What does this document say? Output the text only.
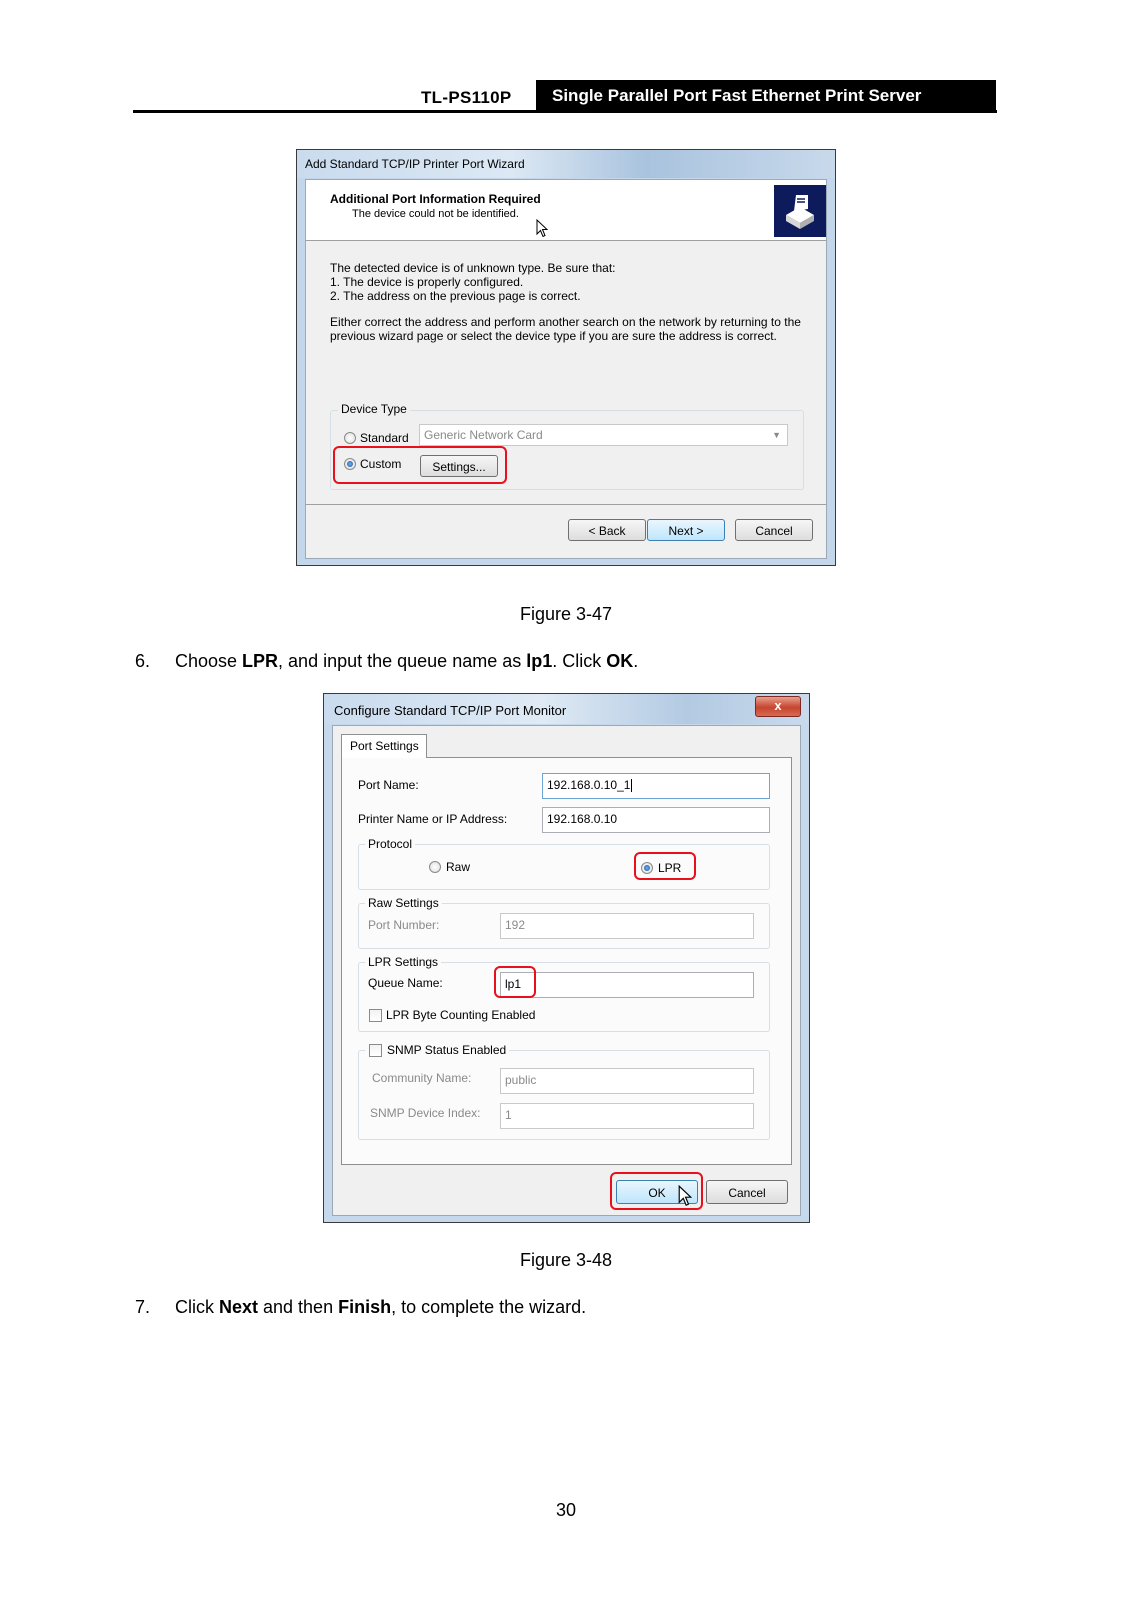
TL-PS110P	Single Parallel Port Fast Ethernet Print Server
Add Standard TCP/IP Printer Port Wizard
Additional Port Information Required
The device could not be identified.
The detected device is of unknown type. Be sure that:
1. The device is properly configured.
2. The address on the previous page is correct.
Either correct the address and perform another search on the network by returning to the
previous wizard page or select the device type if you are sure the address is correct.
Device Type
Standard	Generic Network Card	▼
Custom	Settings...
< Back	Next >	Cancel
Figure 3-47
6. Choose LPR, and input the queue name as lp1. Click OK.
Configure Standard TCP/IP Port Monitor	x
Port Settings
Port Name:	192.168.0.10_1
Printer Name or IP Address:	192.168.0.10
Protocol
Raw	LPR
Raw Settings
Port Number:	192
LPR Settings
Queue Name:	lp1
LPR Byte Counting Enabled
SNMP Status Enabled
Community Name:	public
SNMP Device Index:	1
OK	Cancel
Figure 3-48
7. Click Next and then Finish, to complete the wizard.
30
